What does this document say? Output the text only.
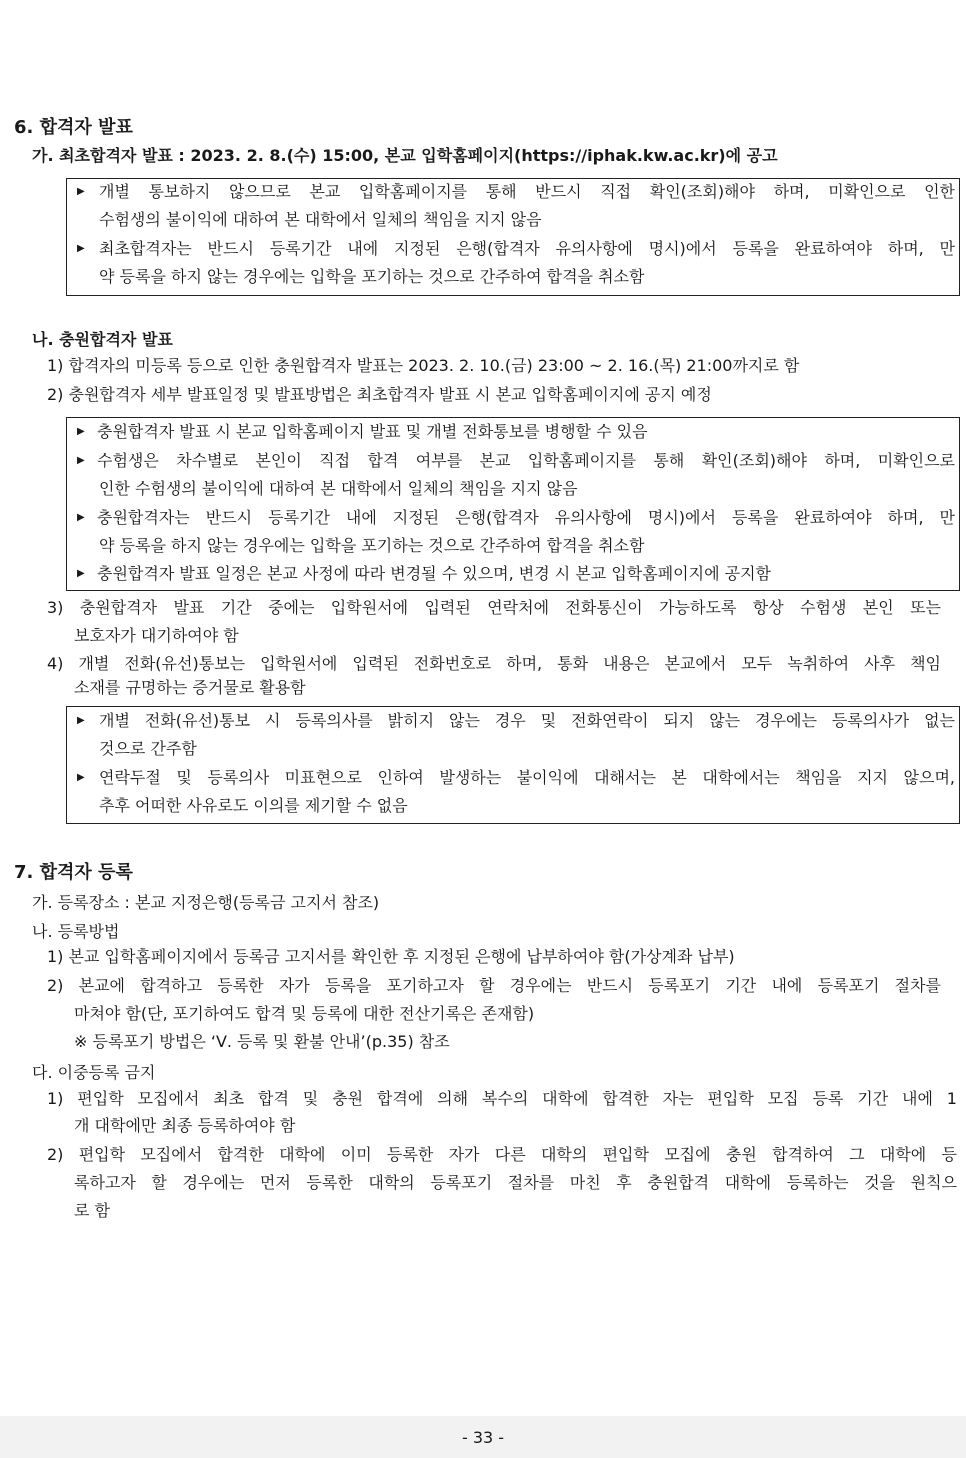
6. 합격자 발표
가. 최초합격자 발표 : 2023. 2. 8.(수) 15:00, 본교 입학홈페이지(https://iphak.kw.ac.kr)에 공고
▶ 개별 통보하지 않으므로 본교 입학홈페이지를 통해 반드시 직접 확인(조회)해야 하며, 미확인으로 인한
수험생의 불이익에 대하여 본 대학에서 일체의 책임을 지지 않음
▶ 최초합격자는 반드시 등록기간 내에 지정된 은행(합격자 유의사항에 명시)에서 등록을 완료하여야 하며, 만
약 등록을 하지 않는 경우에는 입학을 포기하는 것으로 간주하여 합격을 취소함
나. 충원합격자 발표
1) 합격자의 미등록 등으로 인한 충원합격자 발표는 2023. 2. 10.(금) 23:00 ~ 2. 16.(목) 21:00까지로 함
2) 충원합격자 세부 발표일정 및 발표방법은 최초합격자 발표 시 본교 입학홈페이지에 공지 예정
▶ 충원합격자 발표 시 본교 입학홈페이지 발표 및 개별 전화통보를 병행할 수 있음
▶ 수험생은 차수별로 본인이 직접 합격 여부를 본교 입학홈페이지를 통해 확인(조회)해야 하며, 미확인으로
인한 수험생의 불이익에 대하여 본 대학에서 일체의 책임을 지지 않음
▶ 충원합격자는 반드시 등록기간 내에 지정된 은행(합격자 유의사항에 명시)에서 등록을 완료하여야 하며, 만
약 등록을 하지 않는 경우에는 입학을 포기하는 것으로 간주하여 합격을 취소함
▶ 충원합격자 발표 일정은 본교 사정에 따라 변경될 수 있으며, 변경 시 본교 입학홈페이지에 공지함
3) 충원합격자 발표 기간 중에는 입학원서에 입력된 연락처에 전화통신이 가능하도록 항상 수험생 본인 또는
보호자가 대기하여야 함
4) 개별 전화(유선)통보는 입학원서에 입력된 전화번호로 하며, 통화 내용은 본교에서 모두 녹취하여 사후 책임
소재를 규명하는 증거물로 활용함
▶ 개별 전화(유선)통보 시 등록의사를 밝히지 않는 경우 및 전화연락이 되지 않는 경우에는 등록의사가 없는
것으로 간주함
▶ 연락두절 및 등록의사 미표현으로 인하여 발생하는 불이익에 대해서는 본 대학에서는 책임을 지지 않으며,
추후 어떠한 사유로도 이의를 제기할 수 없음
7. 합격자 등록
가. 등록장소 : 본교 지정은행(등록금 고지서 참조)
나. 등록방법
1) 본교 입학홈페이지에서 등록금 고지서를 확인한 후 지정된 은행에 납부하여야 함(가상계좌 납부)
2) 본교에 합격하고 등록한 자가 등록을 포기하고자 할 경우에는 반드시 등록포기 기간 내에 등록포기 절차를
마쳐야 함(단, 포기하여도 합격 및 등록에 대한 전산기록은 존재함)
※ 등록포기 방법은 ‘Ⅴ. 등록 및 환불 안내’(p.35) 참조
다. 이중등록 금지
1) 편입학 모집에서 최초 합격 및 충원 합격에 의해 복수의 대학에 합격한 자는 편입학 모집 등록 기간 내에 1
개 대학에만 최종 등록하여야 함
2) 편입학 모집에서 합격한 대학에 이미 등록한 자가 다른 대학의 편입학 모집에 충원 합격하여 그 대학에 등
록하고자 할 경우에는 먼저 등록한 대학의 등록포기 절차를 마친 후 충원합격 대학에 등록하는 것을 원칙으
로 함
- 33 -
